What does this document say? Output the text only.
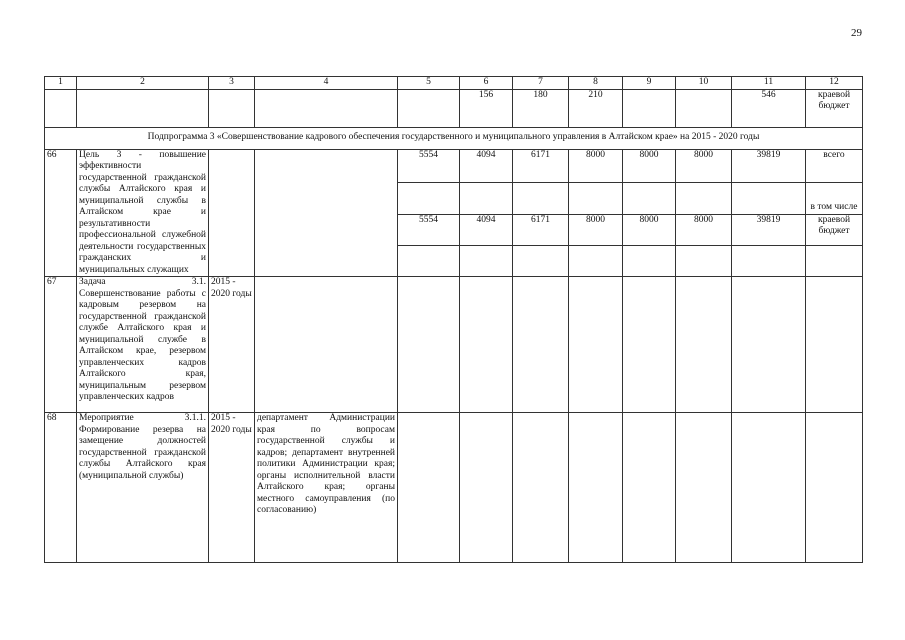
29
1	2	3	4	5	6	7	8	9	10	11	12
					156	180	210			546	краевой бюджет
Подпрограмма 3 «Совершенствование кадрового обеспечения государственного и муниципального управления в Алтайском крае» на 2015 - 2020 годы											
66	Цель 3 - повышение эффективности государственной гражданской службы Алтайского края и муниципальной службы в Алтайском крае и результативности профессиональной служебной деятельности государственных гражданских и муниципальных служащих			5554	4094	6171	8000	8000	8000	39819	всего
											в том числе
				5554	4094	6171	8000	8000	8000	39819	краевой бюджет

67	Задача 3.1. Совершенствование работы с кадровым резервом на государственной гражданской службе Алтайского края и муниципальной службе в Алтайском крае, резервом управленческих кадров Алтайского края, муниципальным резервом управленческих кадров	2015 - 2020 годы									
68	Мероприятие 3.1.1. Формирование резерва на замещение должностей государственной гражданской службы Алтайского края (муниципальной службы)	2015 - 2020 годы	департамент Администрации края по вопросам государственной службы и кадров; департамент внутренней политики Администрации края; органы исполнительной власти Алтайского края; органы местного самоуправления (по согласованию)								
